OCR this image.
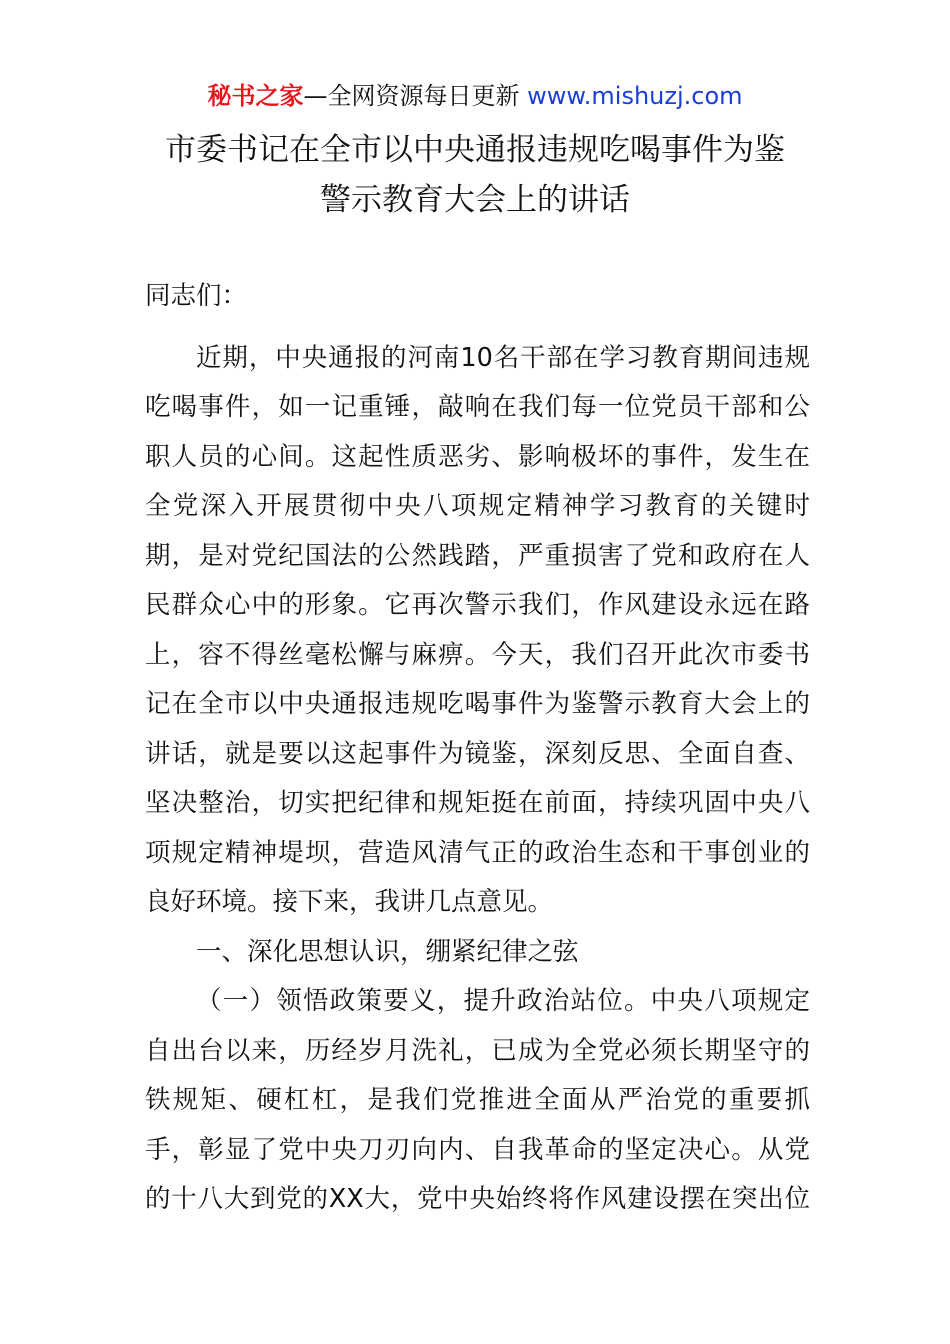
秘书之家—全网资源每日更新 www.mishuzj.com
市委书记在全市以中央通报违规吃喝事件为鉴
警示教育大会上的讲话
同志们：
近期，中央通报的河南10名干部在学习教育期间违规
吃喝事件，如一记重锤，敲响在我们每一位党员干部和公
职人员的心间。这起性质恶劣、影响极坏的事件，发生在
全党深入开展贯彻中央八项规定精神学习教育的关键时
期，是对党纪国法的公然践踏，严重损害了党和政府在人
民群众心中的形象。它再次警示我们，作风建设永远在路
上，容不得丝毫松懈与麻痹。今天，我们召开此次市委书
记在全市以中央通报违规吃喝事件为鉴警示教育大会上的
讲话，就是要以这起事件为镜鉴，深刻反思、全面自查、
坚决整治，切实把纪律和规矩挺在前面，持续巩固中央八
项规定精神堤坝，营造风清气正的政治生态和干事创业的
良好环境。接下来，我讲几点意见。
一、深化思想认识，绷紧纪律之弦
（一）领悟政策要义，提升政治站位。中央八项规定
自出台以来，历经岁月洗礼，已成为全党必须长期坚守的
铁规矩、硬杠杠，是我们党推进全面从严治党的重要抓
手，彰显了党中央刀刃向内、自我革命的坚定决心。从党
的十八大到党的XX大，党中央始终将作风建设摆在突出位
